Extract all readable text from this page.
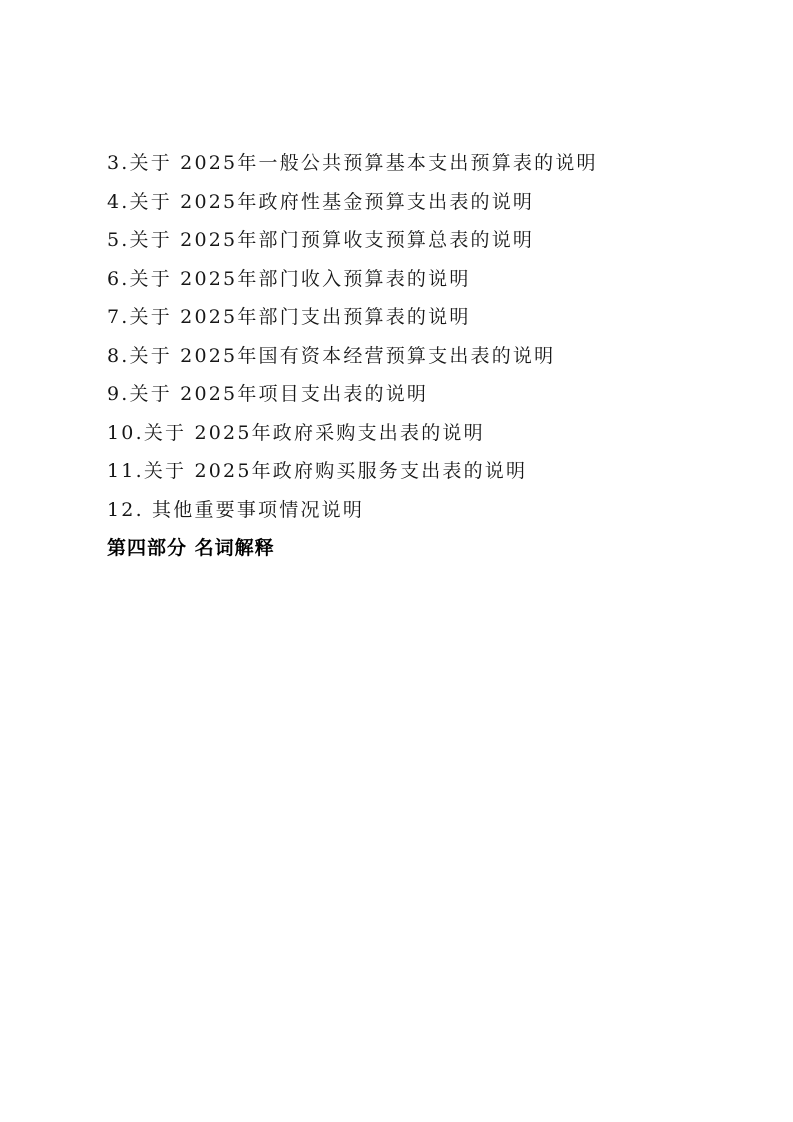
3.关于 2025年一般公共预算基本支出预算表的说明
4.关于 2025年政府性基金预算支出表的说明
5.关于 2025年部门预算收支预算总表的说明
6.关于 2025年部门收入预算表的说明
7.关于 2025年部门支出预算表的说明
8.关于 2025年国有资本经营预算支出表的说明
9.关于 2025年项目支出表的说明
10.关于 2025年政府采购支出表的说明
11.关于 2025年政府购买服务支出表的说明
12. 其他重要事项情况说明
第四部分 名词解释
